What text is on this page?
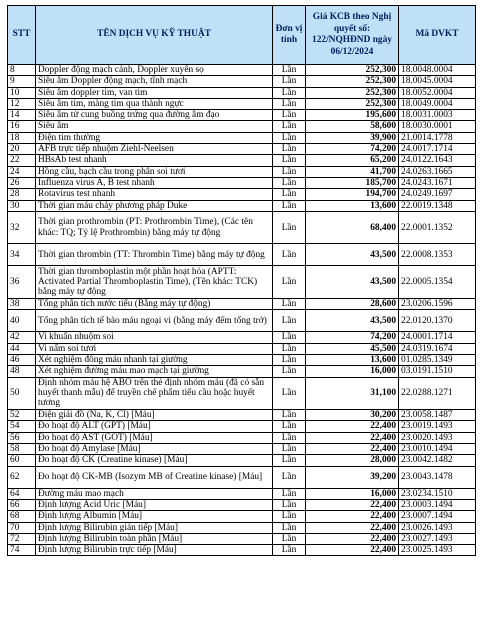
STT	TÊN DỊCH VỤ KỸ THUẬT	Đơn vị tính	Giá KCB theo Nghị quyết số: 122/NQHĐND ngày 06/12/2024	Mã DVKT
8	Doppler động mạch cảnh, Doppler xuyên sọ	Lần	252,300	18.0048.0004
9	Siêu âm Doppler động mạch, tĩnh mạch	Lần	252,300	18.0045.0004
10	Siêu âm doppler tim, van tim	Lần	252,300	18.0052.0004
12	Siêu âm tim, màng tim qua thành ngực	Lần	252,300	18.0049.0004
14	Siêu âm tử cung buồng trứng qua đường âm đạo	Lần	195,600	18.0031.0003
16	Siêu âm	Lần	58,600	18.0030.0001
18	Điện tim thường	Lần	39,900	21.0014.1778
20	AFB trực tiếp nhuộm Ziehl-Neelsen	Lần	74,200	24.0017.1714
22	HBsAb test nhanh	Lần	65,200	24.0122.1643
24	Hồng cầu, bạch cầu trong phân soi tươi	Lần	41,700	24.0263.1665
26	Influenza virus A, B test nhanh	Lần	185,700	24.0243.1671
28	Rotavirus test nhanh	Lần	194,700	24.0249.1697
30	Thời gian máu chảy phương pháp Duke	Lần	13,600	22.0019.1348
32	Thời gian prothrombin (PT: Prothrombin Time), (Các tên khác: TQ; Tỷ lệ Prothrombin) bằng máy tự động	Lần	68,400	22.0001.1352
34	Thời gian thrombin (TT: Thrombin Time) bằng máy tự động	Lần	43,500	22.0008.1353
36	Thời gian thromboplastin một phần hoạt hóa (APTT: Activated Partial Thromboplastin Time), (Tên khác: TCK) bằng máy tự động	Lần	43,500	22.0005.1354
38	Tổng phân tích nước tiểu (Bằng máy tự động)	Lần	28,600	23.0206.1596
40	Tổng phân tích tế bào máu ngoại vi (bằng máy đếm tổng trở)	Lần	43,500	22.0120.1370
42	Vi khuẩn nhuộm soi	Lần	74,200	24.0001.1714
44	Vi nấm soi tươi	Lần	45,500	24.0319.1674
46	Xét nghiệm đông máu nhanh tại giường	Lần	13,600	01.0285.1349
48	Xét nghiệm đường máu mao mạch tại giường	Lần	16,000	03.0191.1510
50	Định nhóm máu hệ ABO trên thẻ định nhóm máu (đã có sẵn huyết thanh mẫu) để truyền chế phẩm tiểu cầu hoặc huyết tương	Lần	31,100	22.0288.1271
52	Điện giải đồ (Na, K, Cl) [Máu]	Lần	30,200	23.0058.1487
54	Đo hoạt độ ALT (GPT) [Máu]	Lần	22,400	23.0019.1493
56	Đo hoạt độ AST (GOT) [Máu]	Lần	22,400	23.0020.1493
58	Đo hoạt độ Amylase [Máu]	Lần	22,400	23.0010.1494
60	Đo hoạt độ CK (Creatine kinase) [Máu]	Lần	28,000	23.0042.1482
62	Đo hoạt độ CK-MB (Isozym MB of Creatine kinase) [Máu]	Lần	39,200	23.0043.1478
64	Đường máu mao mạch	Lần	16,000	23.0234.1510
66	Định lượng Acid Uric [Máu]	Lần	22,400	23.0003.1494
68	Định lượng Albumin [Máu]	Lần	22,400	23.0007.1494
70	Định lượng Bilirubin gián tiếp [Máu]	Lần	22,400	23.0026.1493
72	Định lượng Bilirubin toàn phần [Máu]	Lần	22,400	23.0027.1493
74	Định lượng Bilirubin trực tiếp [Máu]	Lần	22,400	23.0025.1493
